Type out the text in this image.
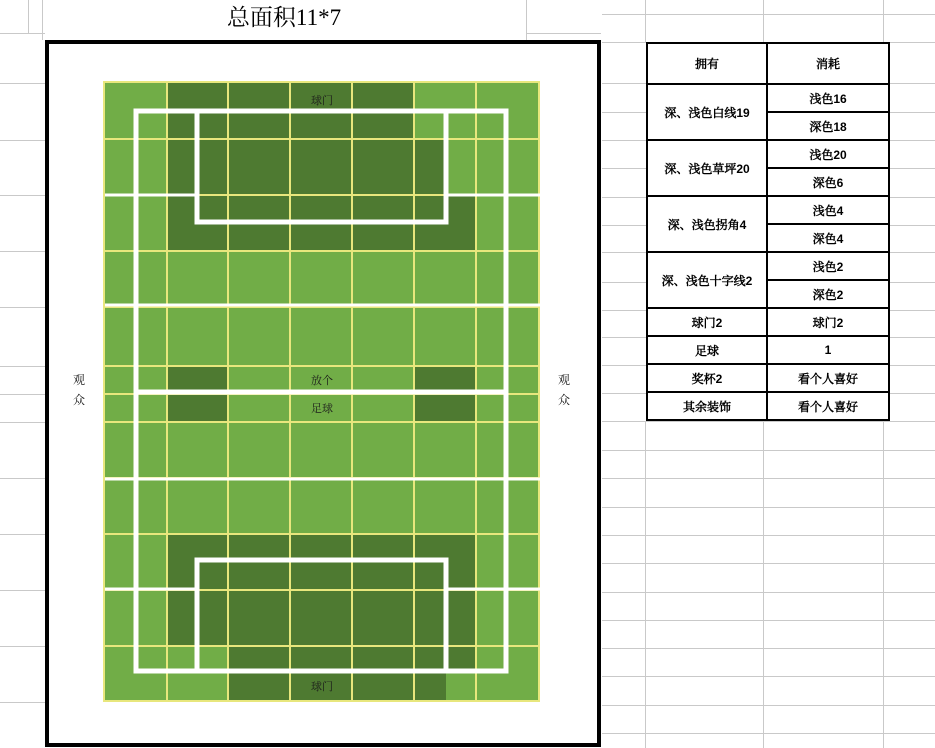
总面积11*7
球门
放个
足球
球门
观众
观众
拥有	消耗
深、浅色白线19	浅色16
	深色18
深、浅色草坪20	浅色20
	深色6
深、浅色拐角4	浅色4
	深色4
深、浅色十字线2	浅色2
	深色2
球门2	球门2
足球	1
奖杯2	看个人喜好
其余装饰	看个人喜好
